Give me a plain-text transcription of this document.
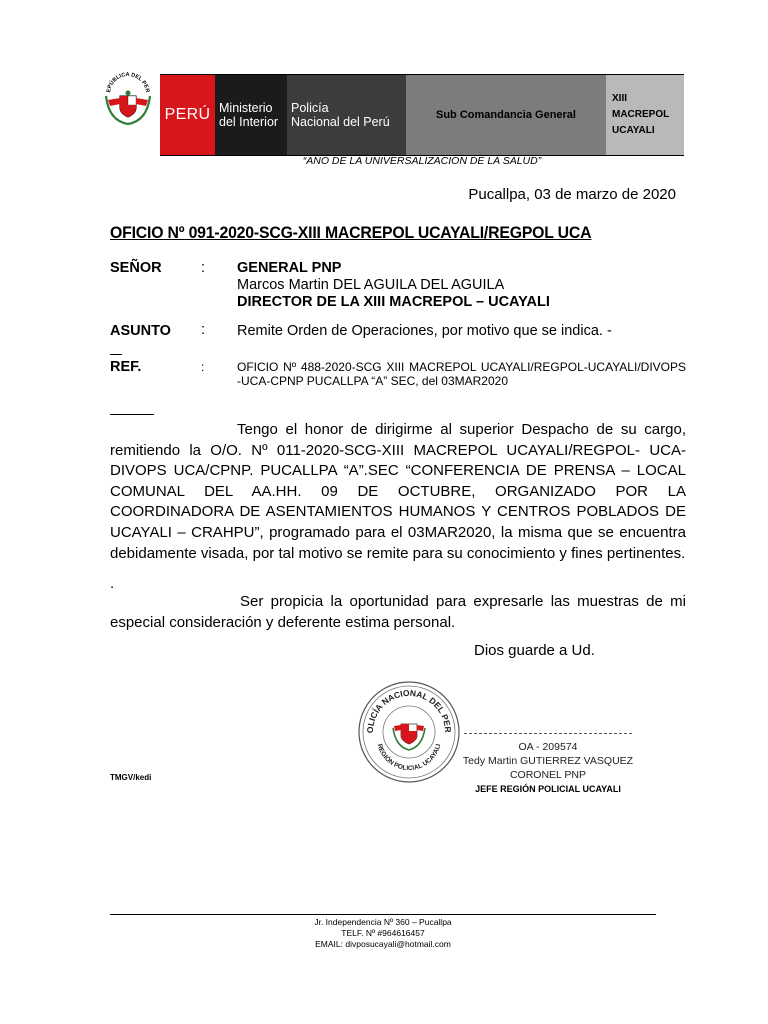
EPÚBLICA DEL PER
PERÚ Ministerio
del Interior
Policía
Nacional del Perú	Sub Comandancia General
XIII
MACREPOL
UCAYALI
“AÑO DE LA UNIVERSALIZACION DE LA SALUD”
Pucallpa, 03 de marzo de 2020
OFICIO Nº 091-2020-SCG-XIII MACREPOL UCAYALI/REGPOL UCA
SEÑOR	: GENERAL PNP
Marcos Martin DEL AGUILA DEL AGUILA
DIRECTOR DE LA XIII MACREPOL – UCAYALI
ASUNTO : Remite Orden de Operaciones, por motivo que se indica. -
REF.	:	OFICIO Nº 488-2020-SCG XIII MACREPOL UCAYALI/REGPOL-UCAYALI/DIVOPS -UCA-CPNP PUCALLPA “A” SEC, del 03MAR2020
Tengo el honor de dirigirme al superior Despacho de su cargo, remitiendo la O/O. Nº 011-2020-SCG-XIII MACREPOL UCAYALI/REGPOL- UCA-DIVOPS UCA/CPNP. PUCALLPA “A”.SEC “CONFERENCIA DE PRENSA – LOCAL COMUNAL DEL AA.HH. 09 DE OCTUBRE, ORGANIZADO POR LA COORDINADORA DE ASENTAMIENTOS HUMANOS Y CENTROS POBLADOS DE UCAYALI – CRAHPU”, programado para el 03MAR2020, la misma que se encuentra debidamente visada, por tal motivo se remite para su conocimiento y fines pertinentes.
.
Ser propicia la oportunidad para expresarle las muestras de mi especial consideración y deferente estima personal.
Dios guarde a Ud.
OLICÍA NACIONAL DEL PER
REGIÓN POLICIAL UCAYALI	OA - 209574
Tedy Martin GUTIERREZ VASQUEZ
CORONEL PNP
JEFE REGIÓN POLICIAL UCAYALI
TMGV/kedi
Jr. Independencia Nº 360 – Pucallpa
TELF. Nº #964616457
EMAIL: divposucayali@hotmail.com
